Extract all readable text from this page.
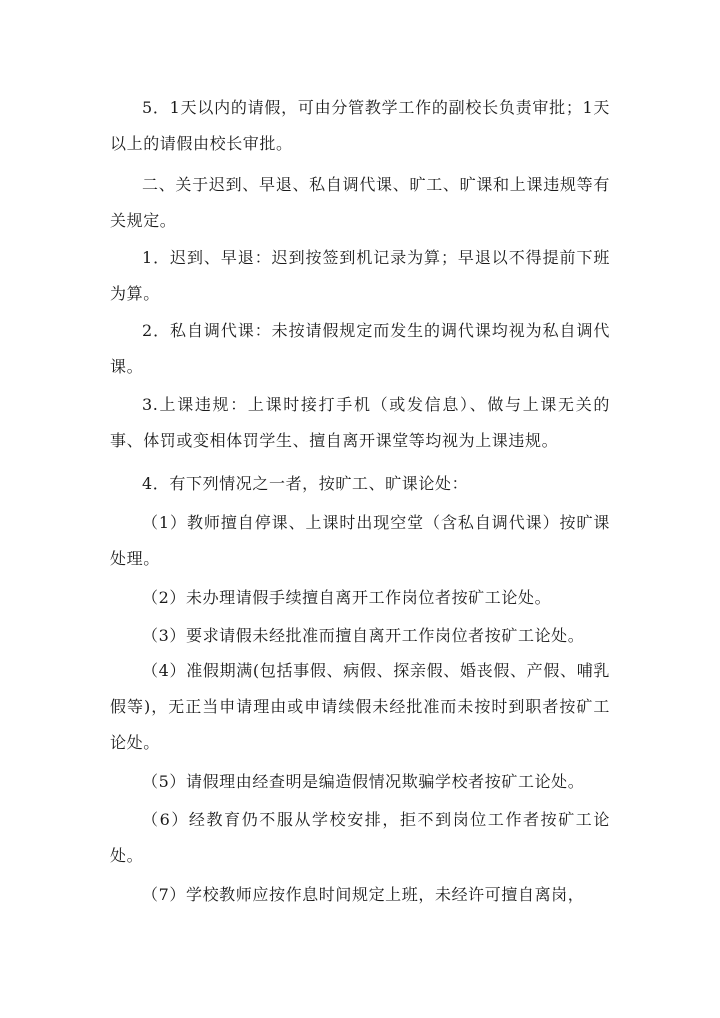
5．1天以内的请假，可由分管教学工作的副校长负责审批；1天以上的请假由校长审批。

二、关于迟到、早退、私自调代课、旷工、旷课和上课违规等有关规定。

1．迟到、早退：迟到按签到机记录为算；早退以不得提前下班为算。

2．私自调代课：未按请假规定而发生的调代课均视为私自调代课。

3.上课违规：上课时接打手机（或发信息）、做与上课无关的事、体罚或变相体罚学生、擅自离开课堂等均视为上课违规。

4．有下列情况之一者，按旷工、旷课论处：

（1）教师擅自停课、上课时出现空堂（含私自调代课）按旷课处理。

（2）未办理请假手续擅自离开工作岗位者按矿工论处。

（3）要求请假未经批准而擅自离开工作岗位者按矿工论处。

（4）准假期满(包括事假、病假、探亲假、婚丧假、产假、哺乳假等)，无正当申请理由或申请续假未经批准而未按时到职者按矿工论处。

（5）请假理由经查明是编造假情况欺骗学校者按矿工论处。

（6）经教育仍不服从学校安排，拒不到岗位工作者按矿工论处。

（7）学校教师应按作息时间规定上班，未经许可擅自离岗，
